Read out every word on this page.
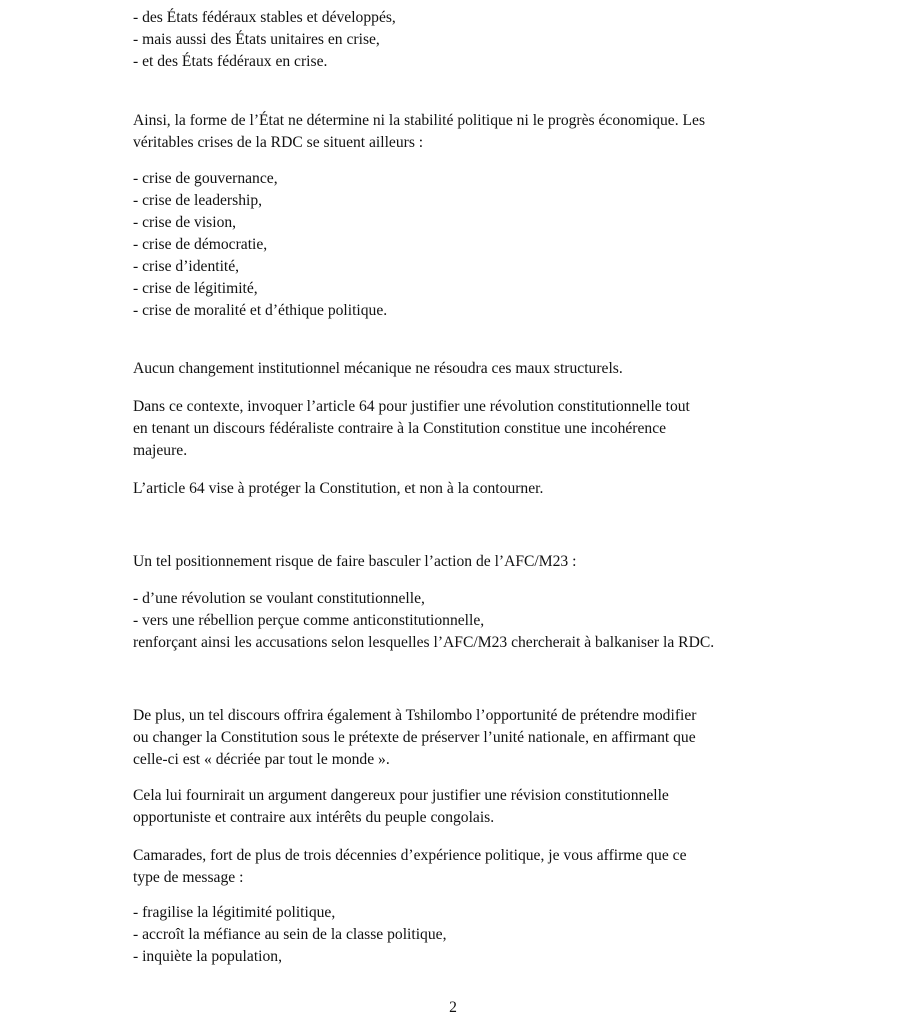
- des États fédéraux stables et développés,
- mais aussi des États unitaires en crise,
- et des États fédéraux en crise.
Ainsi, la forme de l’État ne détermine ni la stabilité politique ni le progrès économique. Les
véritables crises de la RDC se situent ailleurs :
- crise de gouvernance,
- crise de leadership,
- crise de vision,
- crise de démocratie,
- crise d’identité,
- crise de légitimité,
- crise de moralité et d’éthique politique.
Aucun changement institutionnel mécanique ne résoudra ces maux structurels.
Dans ce contexte, invoquer l’article 64 pour justifier une révolution constitutionnelle tout
en tenant un discours fédéraliste contraire à la Constitution constitue une incohérence
majeure.
L’article 64 vise à protéger la Constitution, et non à la contourner.
Un tel positionnement risque de faire basculer l’action de l’AFC/M23 :
- d’une révolution se voulant constitutionnelle,
- vers une rébellion perçue comme anticonstitutionnelle,
renforçant ainsi les accusations selon lesquelles l’AFC/M23 chercherait à balkaniser la RDC.
De plus, un tel discours offrira également à Tshilombo l’opportunité de prétendre modifier
ou changer la Constitution sous le prétexte de préserver l’unité nationale, en affirmant que
celle-ci est « décriée par tout le monde ».
Cela lui fournirait un argument dangereux pour justifier une révision constitutionnelle
opportuniste et contraire aux intérêts du peuple congolais.
Camarades, fort de plus de trois décennies d’expérience politique, je vous affirme que ce
type de message :
- fragilise la légitimité politique,
- accroît la méfiance au sein de la classe politique,
- inquiète la population,
2
